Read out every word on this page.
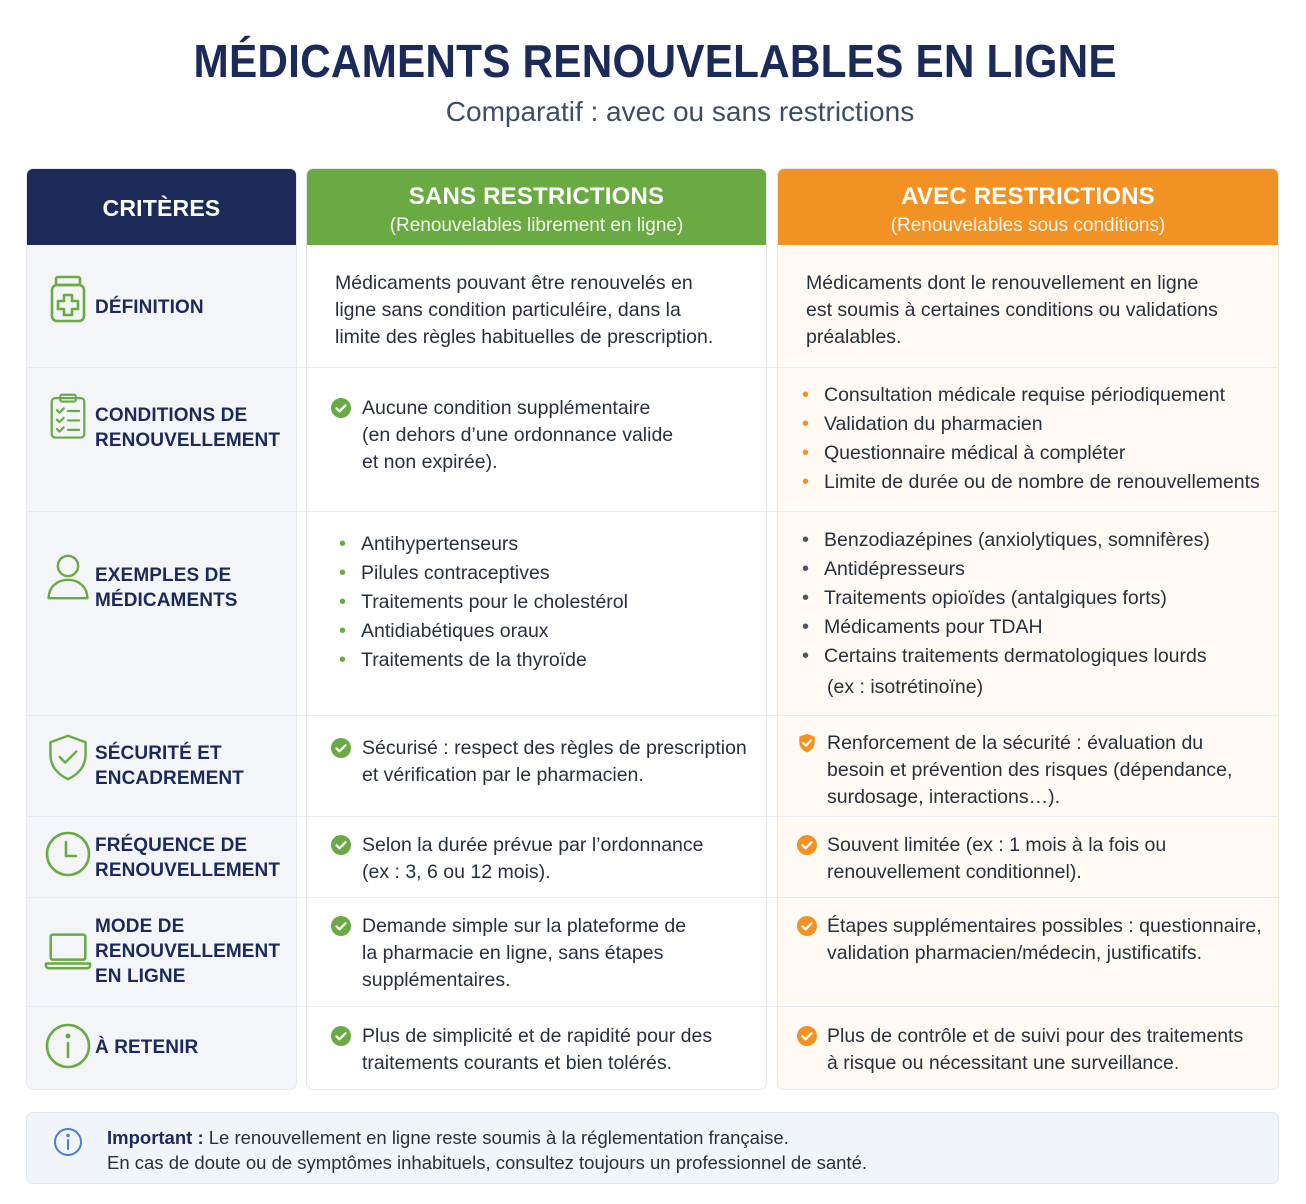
MÉDICAMENTS RENOUVELABLES EN LIGNE
Comparatif : avec ou sans restrictions
CRITÈRES	SANS RESTRICTIONS
(Renouvelables librement en ligne)
AVEC RESTRICTIONS
(Renouvelables sous conditions)
DÉFINITION

Médicaments pouvant être renouvelés en

ligne sans condition particuléire, dans la

limite des règles habituelles de prescription.

Médicaments dont le renouvellement en ligne

est soumis à certaines conditions ou validations

préalables.

CONDITIONS DE
RENOUVELLEMENT

Aucune condition supplémentaire

(en dehors d’une ordonnance valide

et non expirée).

• Consultation médicale requise périodiquement
• Validation du pharmacien
• Questionnaire médical à compléter
• Limite de durée ou de nombre de renouvellements
EXEMPLES DE
MÉDICAMENTS
• Antihypertenseurs
• Pilules contraceptives
• Traitements pour le cholestérol
• Antidiabétiques oraux
• Traitements de la thyroïde
• Benzodiazépines (anxiolytiques, somnifères)
• Antidépresseurs
• Traitements opioïdes (antalgiques forts)
• Médicaments pour TDAH
• Certains traitements dermatologiques lourds
(ex : isotrétinoïne)
SÉCURITÉ ET
ENCADREMENT

Sécurisé : respect des règles de prescription

et vérification par le pharmacien.

Renforcement de la sécurité : évaluation du

besoin et prévention des risques (dépendance,

surdosage, interactions…).

FRÉQUENCE DE
RENOUVELLEMENT

Selon la durée prévue par l’ordonnance

(ex : 3, 6 ou 12 mois).

Souvent limitée (ex : 1 mois à la fois ou

renouvellement conditionnel).

MODE DE
RENOUVELLEMENT
EN LIGNE

Demande simple sur la plateforme de

la pharmacie en ligne, sans étapes

supplémentaires.

Étapes supplémentaires possibles : questionnaire,

validation pharmacien/médecin, justificatifs.

À RETENIR

Plus de simplicité et de rapidité pour des

traitements courants et bien tolérés.

Plus de contrôle et de suivi pour des traitements

à risque ou nécessitant une surveillance.

Important : Le renouvellement en ligne reste soumis à la réglementation française.
En cas de doute ou de symptômes inhabituels, consultez toujours un professionnel de santé.
